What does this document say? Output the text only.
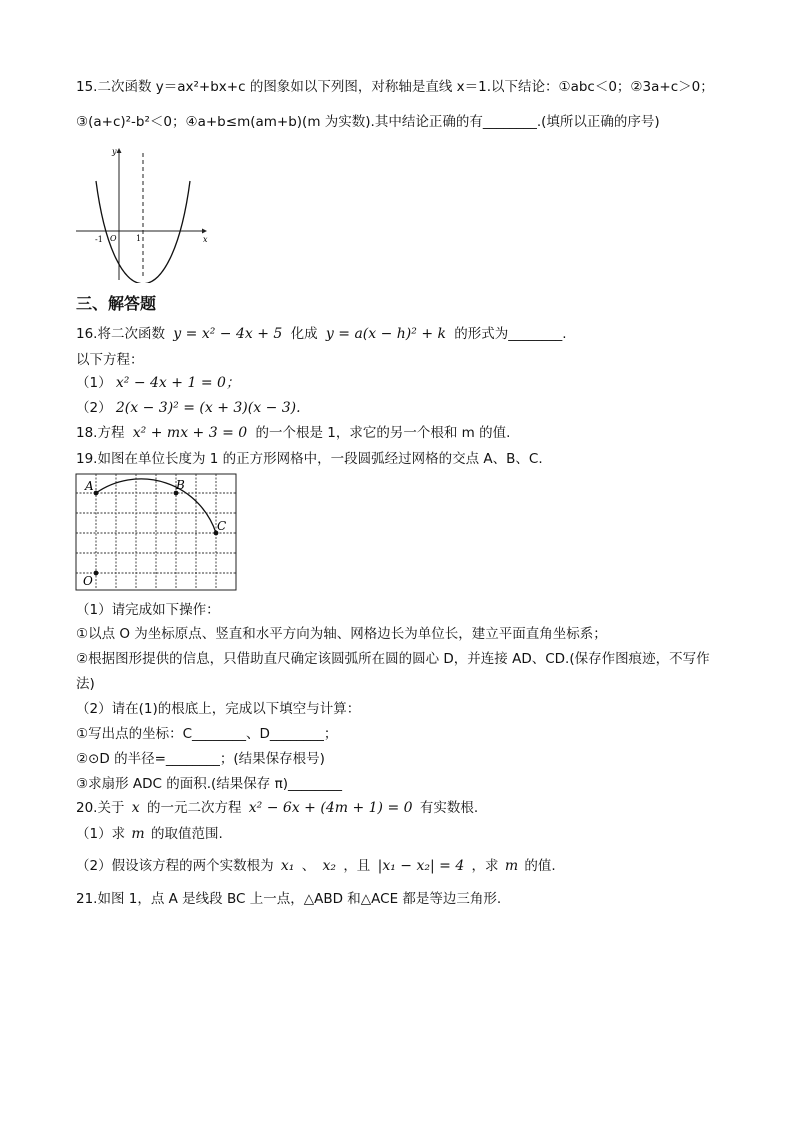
15.二次函数 y＝ax²+bx+c 的图象如以下列图，对称轴是直线 x＝1.以下结论：①abc＜0；②3a+c＞0；
③(a+c)²-b²＜0；④a+b≤m(am+b)(m 为实数).其中结论正确的有________.(填所以正确的序号)
y
x
-1 O 1
三、解答题
16.将二次函数 y = x² − 4x + 5 化成 y = a(x − h)² + k 的形式为________.
以下方程：
（1） x² − 4x + 1 = 0；
（2） 2(x − 3)² = (x + 3)(x − 3).
18.方程 x² + mx + 3 = 0 的一个根是 1，求它的另一个根和 m 的值.
19.如图在单位长度为 1 的正方形网格中，一段圆弧经过网格的交点 A、B、C.
A	B
C
O
（1）请完成如下操作：
①以点 O 为坐标原点、竖直和水平方向为轴、网格边长为单位长，建立平面直角坐标系；
②根据图形提供的信息，只借助直尺确定该圆弧所在圆的圆心 D，并连接 AD、CD.(保存作图痕迹，不写作
法)
（2）请在(1)的根底上，完成以下填空与计算：
①写出点的坐标：C________、D________；
②⊙D 的半径=________；(结果保存根号)
③求扇形 ADC 的面积.(结果保存 π)________
20.关于 x 的一元二次方程 x² − 6x + (4m + 1) = 0 有实数根.
（1）求 m 的取值范围.
（2）假设该方程的两个实数根为 x₁ 、 x₂ ，且 |x₁ − x₂| = 4 ，求 m 的值.
21.如图 1，点 A 是线段 BC 上一点，△ABD 和△ACE 都是等边三角形.
